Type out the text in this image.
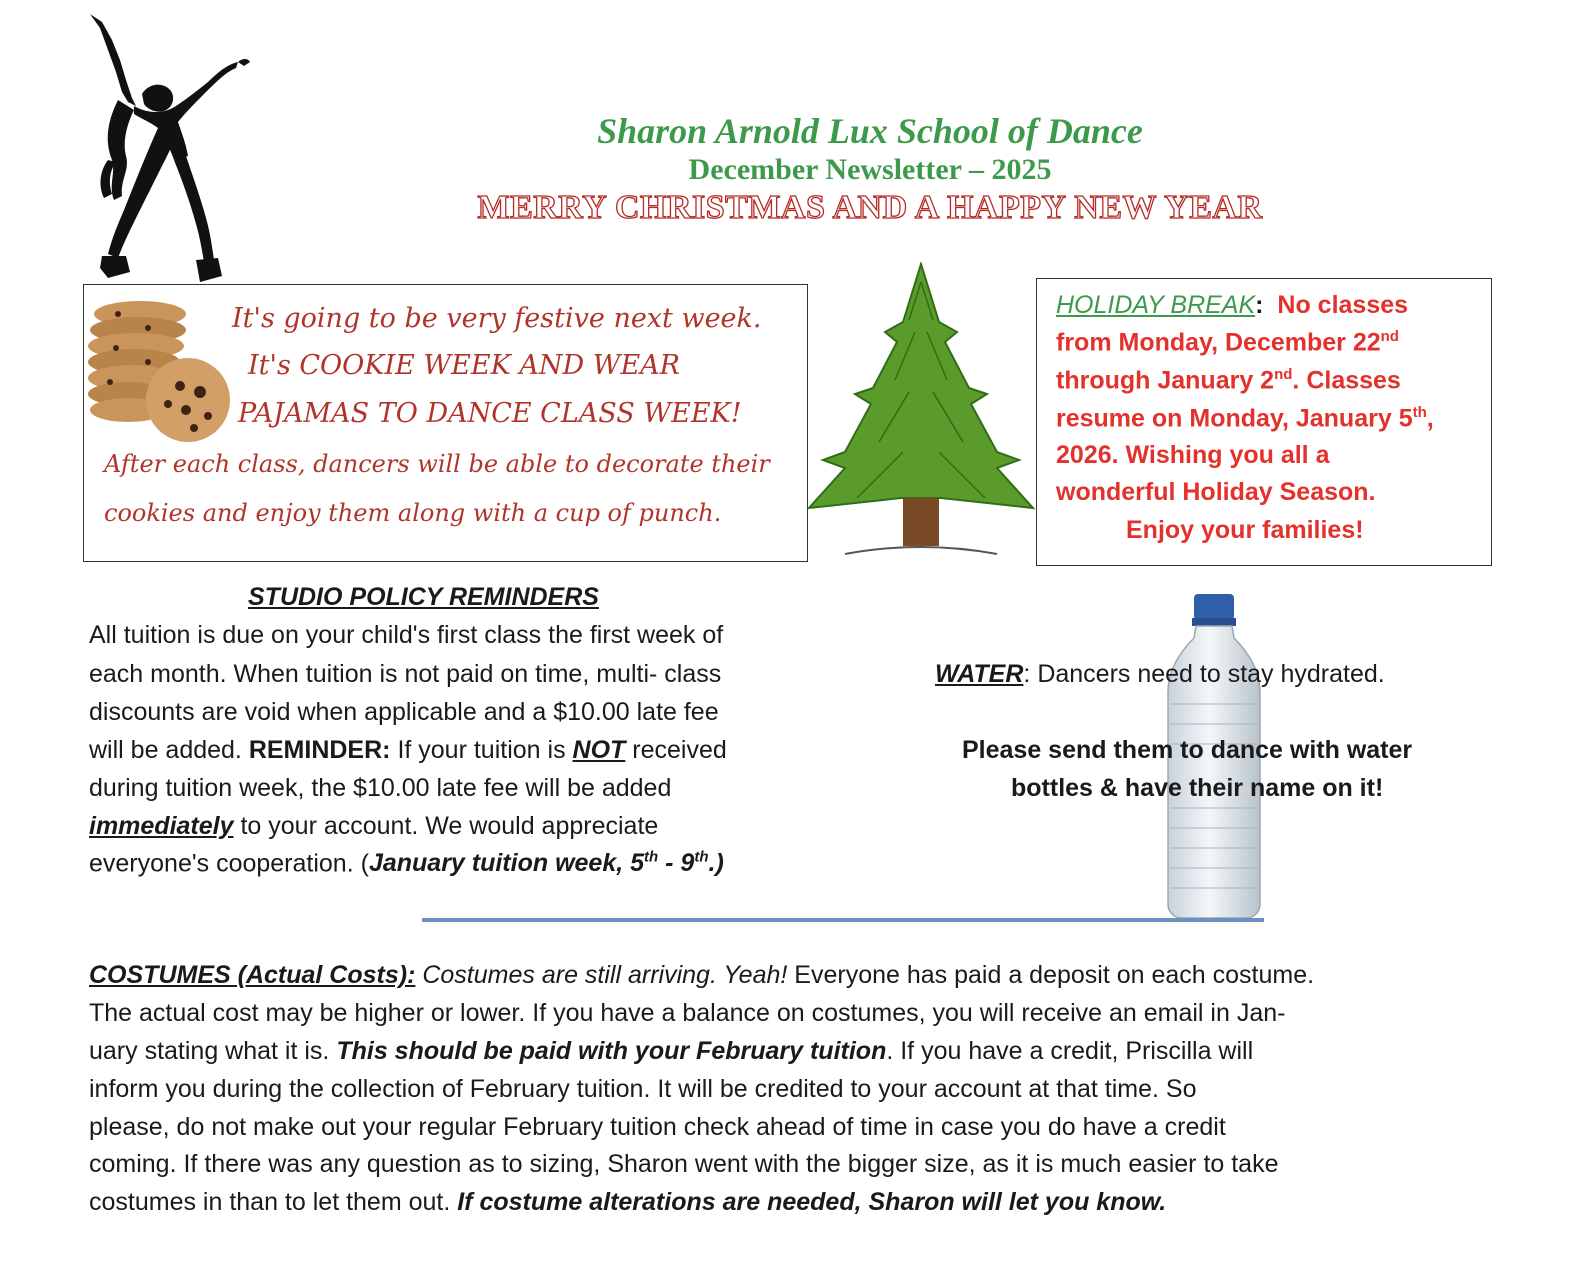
Sharon Arnold Lux School of Dance
December Newsletter – 2025
MERRY CHRISTMAS AND A HAPPY NEW YEAR
It's going to be very festive next week.
It's COOKIE WEEK AND WEAR
PAJAMAS TO DANCE CLASS WEEK!
After each class, dancers will be able to decorate their
cookies and enjoy them along with a cup of punch.
HOLIDAY BREAK: No classes
from Monday, December 22nd
through January 2nd. Classes
resume on Monday, January 5th,
2026. Wishing you all a
wonderful Holiday Season.
Enjoy your families!
STUDIO POLICY REMINDERS
All tuition is due on your child's first class the first week of
each month. When tuition is not paid on time, multi- class
discounts are void when applicable and a $10.00 late fee
will be added. REMINDER: If your tuition is NOT received
during tuition week, the $10.00 late fee will be added
immediately to your account. We would appreciate
everyone's cooperation. (January tuition week, 5th - 9th.)
WATER: Dancers need to stay hydrated.
Please send them to dance with water
bottles & have their name on it!
COSTUMES (Actual Costs): Costumes are still arriving. Yeah! Everyone has paid a deposit on each costume.
The actual cost may be higher or lower. If you have a balance on costumes, you will receive an email in Jan-
uary stating what it is. This should be paid with your February tuition. If you have a credit, Priscilla will
inform you during the collection of February tuition. It will be credited to your account at that time. So
please, do not make out your regular February tuition check ahead of time in case you do have a credit
coming. If there was any question as to sizing, Sharon went with the bigger size, as it is much easier to take
costumes in than to let them out. If costume alterations are needed, Sharon will let you know.
